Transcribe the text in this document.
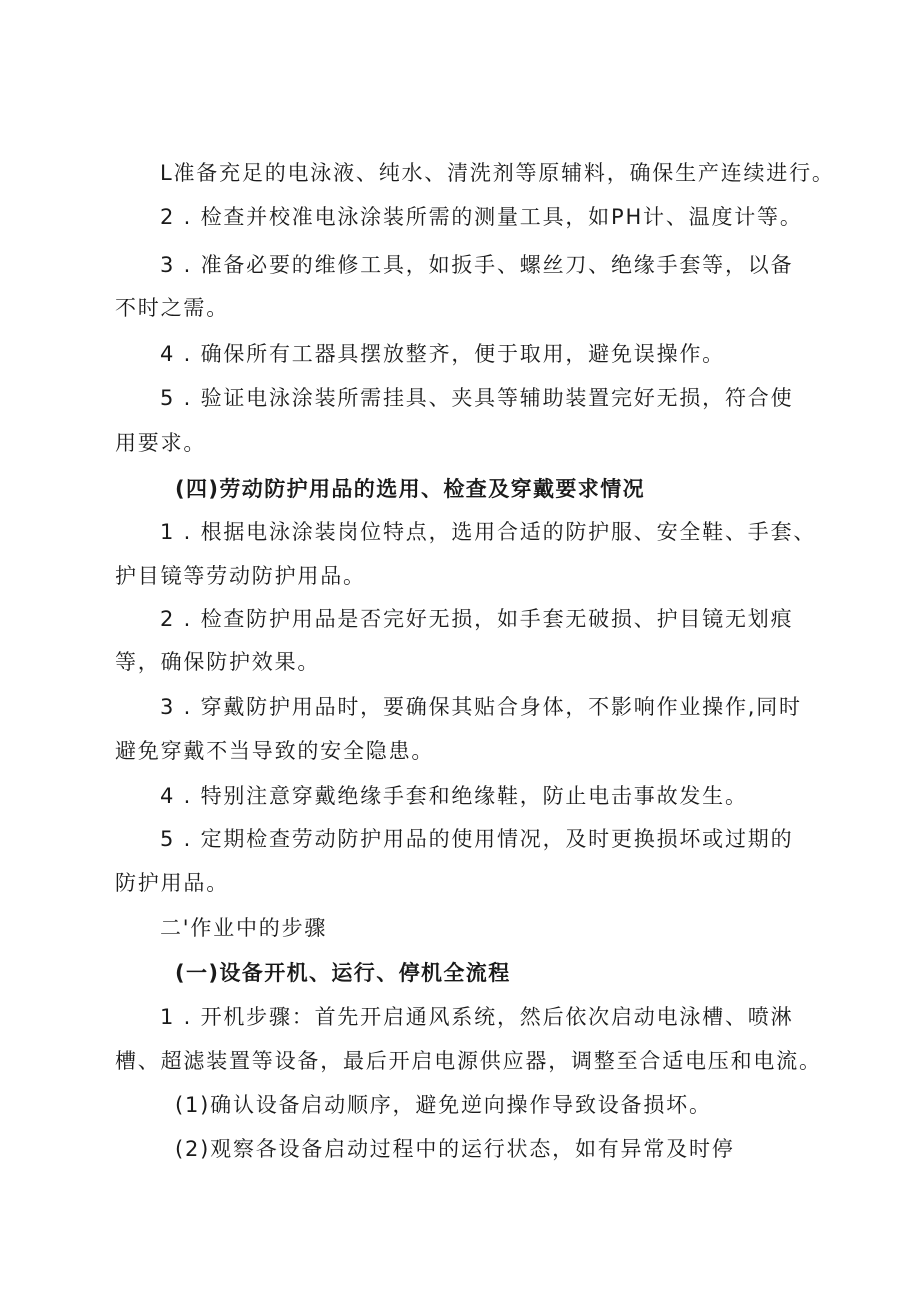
L准备充足的电泳液、纯水、清洗剂等原辅料，确保生产连续进行。
2 . 检查并校准电泳涂装所需的测量工具，如PH计、温度计等。
3 . 准备必要的维修工具，如扳手、螺丝刀、绝缘手套等，以备
不时之需。
4 . 确保所有工器具摆放整齐，便于取用，避免误操作。
5 . 验证电泳涂装所需挂具、夹具等辅助装置完好无损，符合使
用要求。
(四)劳动防护用品的选用、检查及穿戴要求情况
1 . 根据电泳涂装岗位特点，选用合适的防护服、安全鞋、手套、
护目镜等劳动防护用品。
2 . 检查防护用品是否完好无损，如手套无破损、护目镜无划痕
等，确保防护效果。
3 . 穿戴防护用品时，要确保其贴合身体，不影响作业操作,同时
避免穿戴不当导致的安全隐患。
4 . 特别注意穿戴绝缘手套和绝缘鞋，防止电击事故发生。
5 . 定期检查劳动防护用品的使用情况，及时更换损坏或过期的
防护用品。
二'作业中的步骤
(一)设备开机、运行、停机全流程
1 . 开机步骤：首先开启通风系统，然后依次启动电泳槽、喷淋
槽、超滤装置等设备，最后开启电源供应器，调整至合适电压和电流。
(1)确认设备启动顺序，避免逆向操作导致设备损坏。
(2)观察各设备启动过程中的运行状态，如有异常及时停
